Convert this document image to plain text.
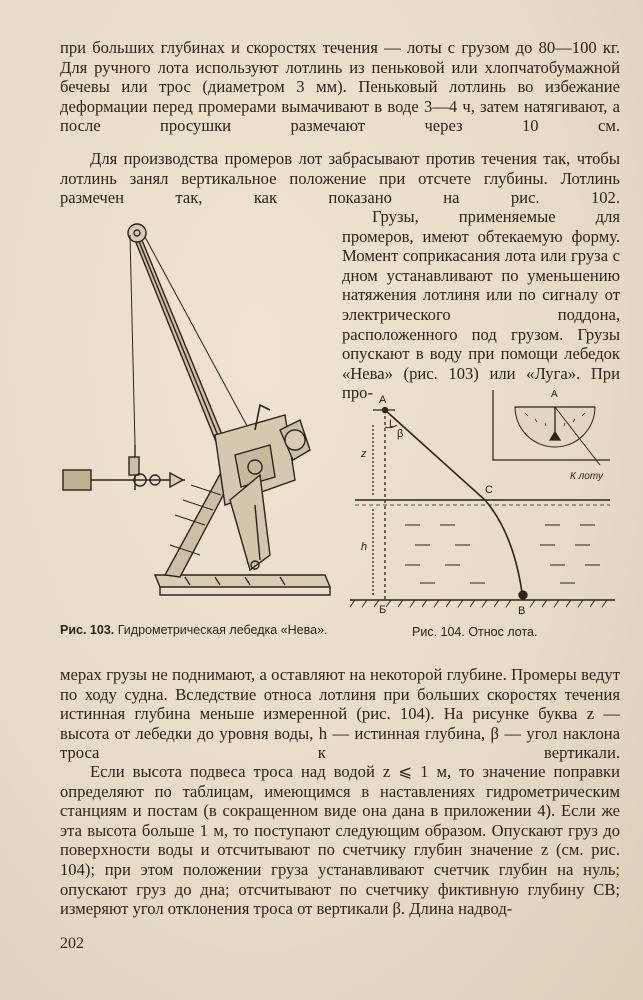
при больших глубинах и скоростях течения — лоты с грузом до 80—100 кг. Для ручного лота используют лотлинь из пеньковой или хлопчатобумажной бечевы или трос (диаметром 3 мм). Пеньковый лотлинь во избежание деформации перед промерами вымачивают в воде 3—4 ч, затем натягивают, а после просушки размечают через 10 см.

Для производства промеров лот забрасывают против течения так, чтобы лотлинь занял вертикальное положение при отсчете глубины. Лотлинь размечен так, как показано на рис. 102.

Грузы, применяемые для промеров, имеют обтекаемую форму. Момент соприкасания лота или груза с дном устанавливают по уменьшению натяжения лотлиня или по сигналу от электрического поддона, расположенного под грузом. Грузы опускают в воду при помощи лебедок «Нева» (рис. 103) или «Луга». При про- A
L
β
z
C
h
Б	В
A
К лоту
Рис. 103. Гидрометрическая лебедка «Нева».	Рис. 104. Относ лота.

мерах грузы не поднимают, а оставляют на некоторой глубине. Промеры ведут по ходу судна. Вследствие относа лотлиня при больших скоростях течения истинная глубина меньше измеренной (рис. 104). На рисунке буква z — высота от лебедки до уровня воды, h — истинная глубина, β — угол наклона троса к вертикали.

Если высота подвеса троса над водой z ⩽ 1 м, то значение поправки определяют по таблицам, имеющимся в наставлениях гидрометрическим станциям и постам (в сокращенном виде она дана в приложении 4). Если же эта высота больше 1 м, то поступают следующим образом. Опускают груз до поверхности воды и отсчитывают по счетчику глубин значение z (см. рис. 104); при этом положении груза устанавливают счетчик глубин на нуль; опускают груз до дна; отсчитывают по счетчику фиктивную глубину CB; измеряют угол отклонения троса от вертикали β. Длина надвод-

202
